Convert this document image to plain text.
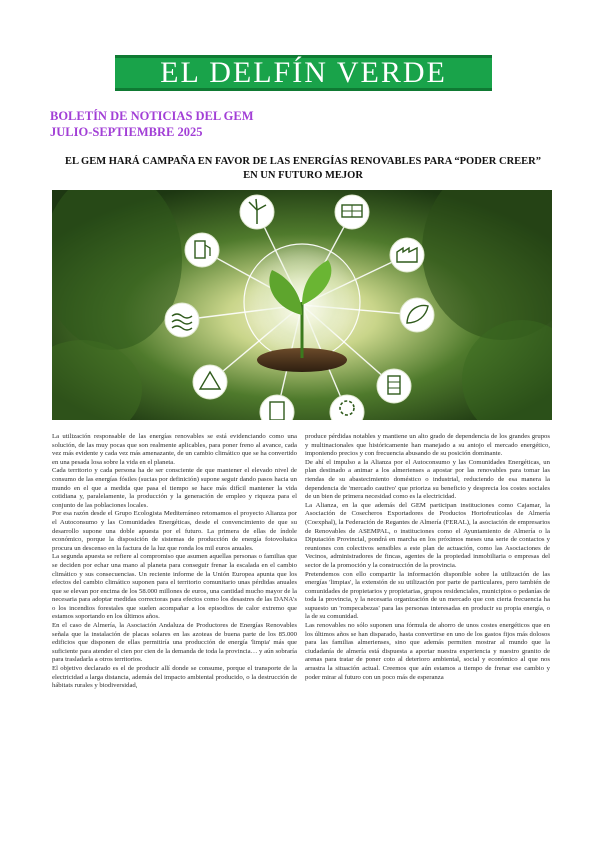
EL DELFÍN VERDE
BOLETÍN DE NOTICIAS DEL GEM
JULIO-SEPTIEMBRE 2025
EL GEM HARÁ CAMPAÑA EN FAVOR DE LAS ENERGÍAS RENOVABLES PARA “PODER CREER”
EN UN FUTURO MEJOR

La utilización responsable de las energías renovables se está evidenciando como una solución, de las muy pocas que son realmente aplicables, para poner freno al avance, cada vez más evidente y cada vez más amenazante, de un cambio climático que se ha convertido en una pesada losa sobre la vida en el planeta.

Cada territorio y cada persona ha de ser consciente de que mantener el elevado nivel de consumo de las energías fósiles (sucias por definición) supone seguir dando pasos hacia un mundo en el que a medida que pasa el tiempo se hace más difícil mantener la vida cotidiana y, paralelamente, la producción y la generación de empleo y riqueza para el conjunto de las poblaciones locales.

Por esa razón desde el Grupo Ecologista Mediterráneo retomamos el proyecto Alianza por el Autoconsumo y las Comunidades Energéticas, desde el convencimiento de que su desarrollo supone una doble apuesta por el futuro. La primera de ellas de índole económico, porque la disposición de sistemas de producción de energía fotovoltaica procura un descenso en la factura de la luz que ronda los mil euros anuales.

La segunda apuesta se refiere al compromiso que asumen aquellas personas o familias que se deciden por echar una mano al planeta para conseguir frenar la escalada en el cambio climático y sus consecuencias. Un reciente informe de la Unión Europea apunta que los efectos del cambio climático suponen para el territorio comunitario unas pérdidas anuales que se elevan por encima de los 58.000 millones de euros, una cantidad mucho mayor de la necesaria para adoptar medidas correctoras para efectos como los desastres de las DANA's o los incendios forestales que suelen acompañar a los episodios de calor extremo que estamos soportando en los últimos años.

En el caso de Almería, la Asociación Andaluza de Productores de Energías Renovables señala que la instalación de placas solares en las azoteas de buena parte de los 85.000 edificios que disponen de ellas permitiría una producción de energía 'limpia' más que suficiente para atender el cien por cien de la demanda de toda la provincia… y aún sobraría para trasladarla a otros territorios.

El objetivo declarado es el de producir allí donde se consume, porque el transporte de la electricidad a larga distancia, además del impacto ambiental producido, o la destrucción de hábitats rurales y biodiversidad,

produce pérdidas notables y mantiene un alto grado de dependencia de los grandes grupos y multinacionales que históricamente han manejado a su antojo el mercado energético, imponiendo precios y con frecuencia abusando de su posición dominante.

De ahí el impulso a la Alianza por el Autoconsumo y las Comunidades Energéticas, un plan destinado a animar a los almerienses a apostar por las renovables para tomar las riendas de su abastecimiento doméstico o industrial, reduciendo de esa manera la dependencia de 'mercado cautivo' que prioriza su beneficio y desprecia los costes sociales de un bien de primera necesidad como es la electricidad.

La Alianza, en la que además del GEM participan instituciones como Cajamar, la Asociación de Cosecheros Exportadores de Productos Hortofrutícolas de Almería (Coexphal), la Federación de Regantes de Almería (FERAL), la asociación de empresarios de Renovables de ASEMPAL, o instituciones como el Ayuntamiento de Almería o la Diputación Provincial, pondrá en marcha en los próximos meses una serie de contactos y reuniones con colectivos sensibles a este plan de actuación, como las Asociaciones de Vecinos, administradores de fincas, agentes de la propiedad inmobiliaria o empresas del sector de la promoción y la construcción de la provincia.

Pretendemos con ello compartir la información disponible sobre la utilización de las energías 'limpias', la extensión de su utilización por parte de particulares, pero también de comunidades de propietarios y propietarias, grupos residenciales, municipios o pedanías de toda la provincia, y la necesaria organización de un mercado que con cierta frecuencia ha supuesto un 'rompecabezas' para las personas interesadas en producir su propia energía, o la de su comunidad.

Las renovables no sólo suponen una fórmula de ahorro de unos costes energéticos que en los últimos años se han disparado, hasta convertirse en uno de los gastos fijos más dolosos para las familias almerienses, sino que además permiten mostrar al mundo que la ciudadanía de almería está dispuesta a aportar nuestra experiencia y nuestro granito de arenas para tratar de poner coto al deterioro ambiental, social y económico al que nos arrastra la situación actual. Creemos que aún estamos a tiempo de frenar ese cambio y poder mirar al futuro con un poco más de esperanza
